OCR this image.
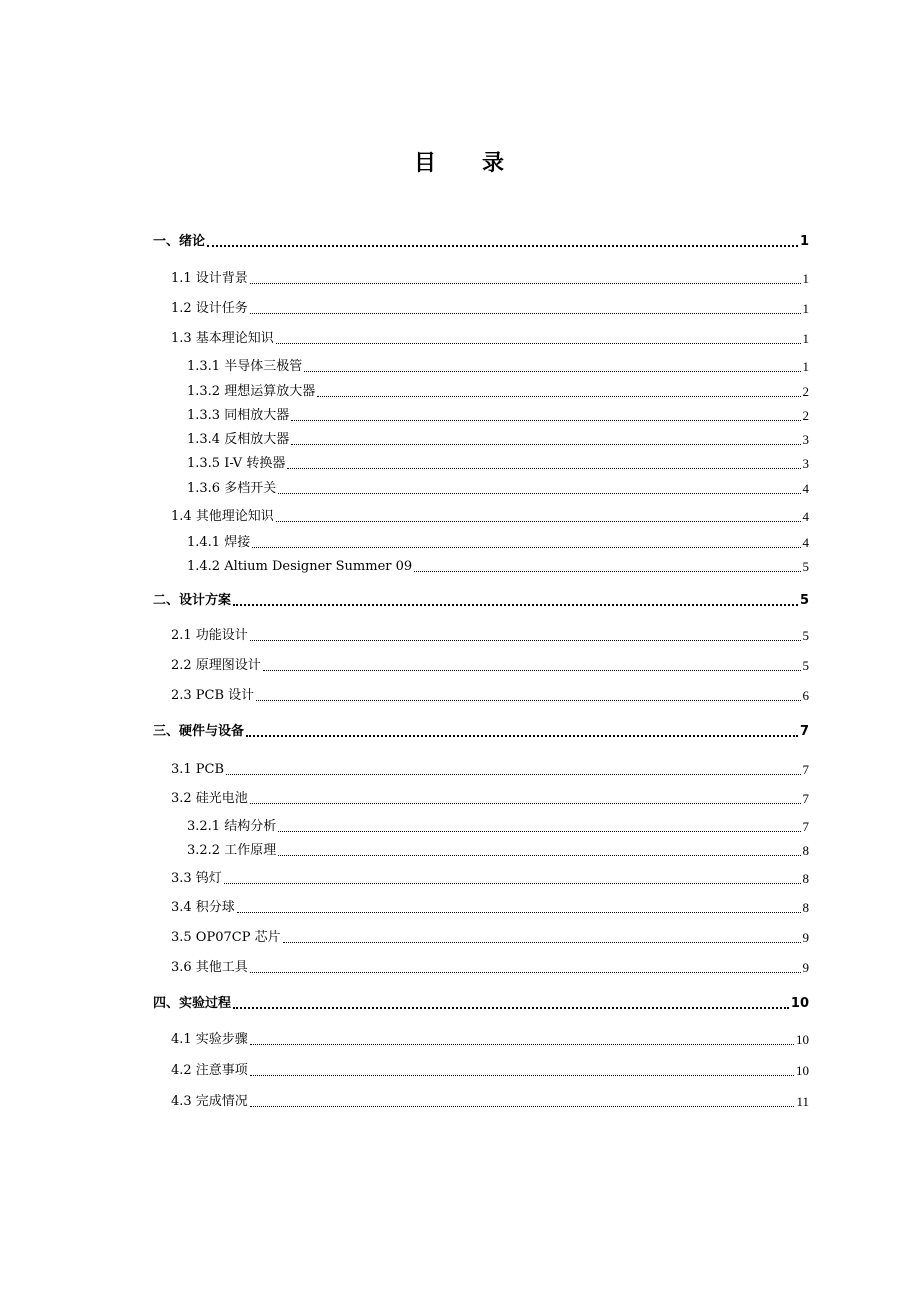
目 录
一、绪论	1
1.1 设计背景	1
1.2 设计任务	1
1.3 基本理论知识	1
1.3.1 半导体三极管	1
1.3.2 理想运算放大器	2
1.3.3 同相放大器	2
1.3.4 反相放大器	3
1.3.5 I-V 转换器	3
1.3.6 多档开关	4
1.4 其他理论知识	4
1.4.1 焊接	4
1.4.2 Altium Designer Summer 09	5
二、设计方案	5
2.1 功能设计	5
2.2 原理图设计	5
2.3 PCB 设计	6
三、硬件与设备	7
3.1 PCB	7
3.2 硅光电池	7
3.2.1 结构分析	7
3.2.2 工作原理	8
3.3 钨灯	8
3.4 积分球	8
3.5 OP07CP 芯片	9
3.6 其他工具	9
四、实验过程	10
4.1 实验步骤	10
4.2 注意事项	10
4.3 完成情况	11
